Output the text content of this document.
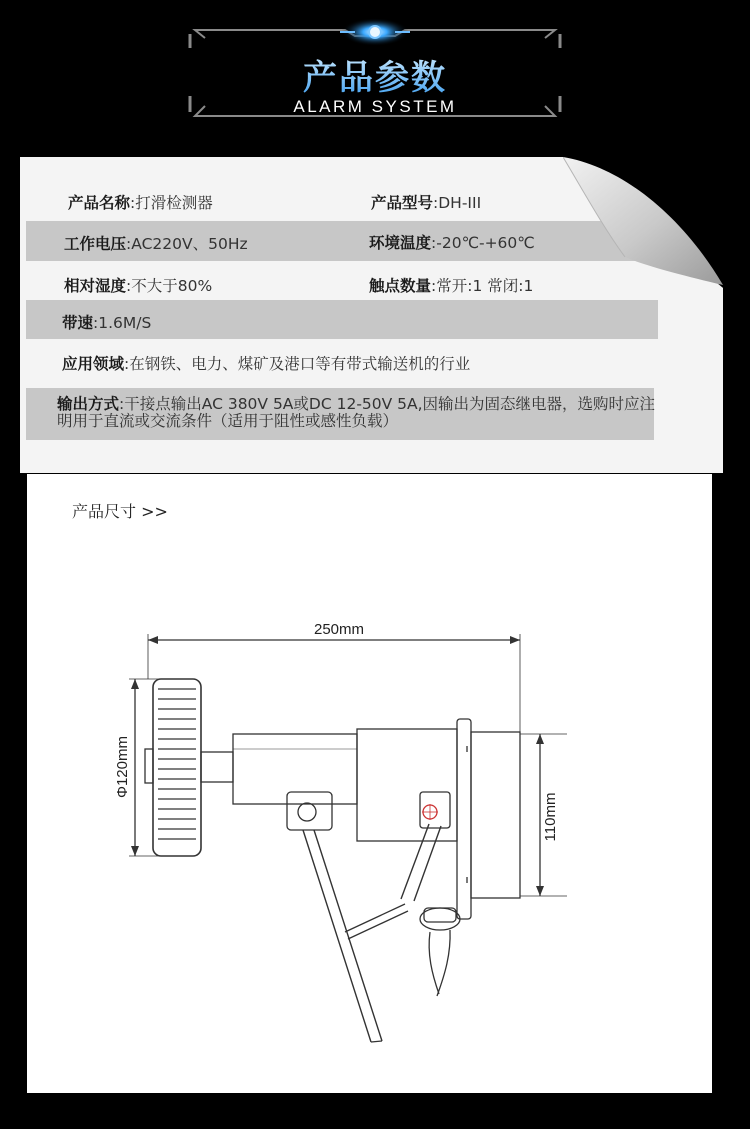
产品参数
ALARM SYSTEM
产品名称:打滑检测器	产品型号:DH-III
工作电压:AC220V、50Hz	环境温度:-20℃-+60℃
相对湿度:不大于80%	触点数量:常开:1 常闭:1
带速:1.6M/S
应用领域:在钢铁、电力、煤矿及港口等有带式输送机的行业
输出方式:干接点输出AC 380V 5A或DC 12-50V 5A,因输出为固态继电器，选购时应注明用于直流或交流条件（适用于阻性或感性负载）
产品尺寸 >>
250mm
Φ120mm
110mm
